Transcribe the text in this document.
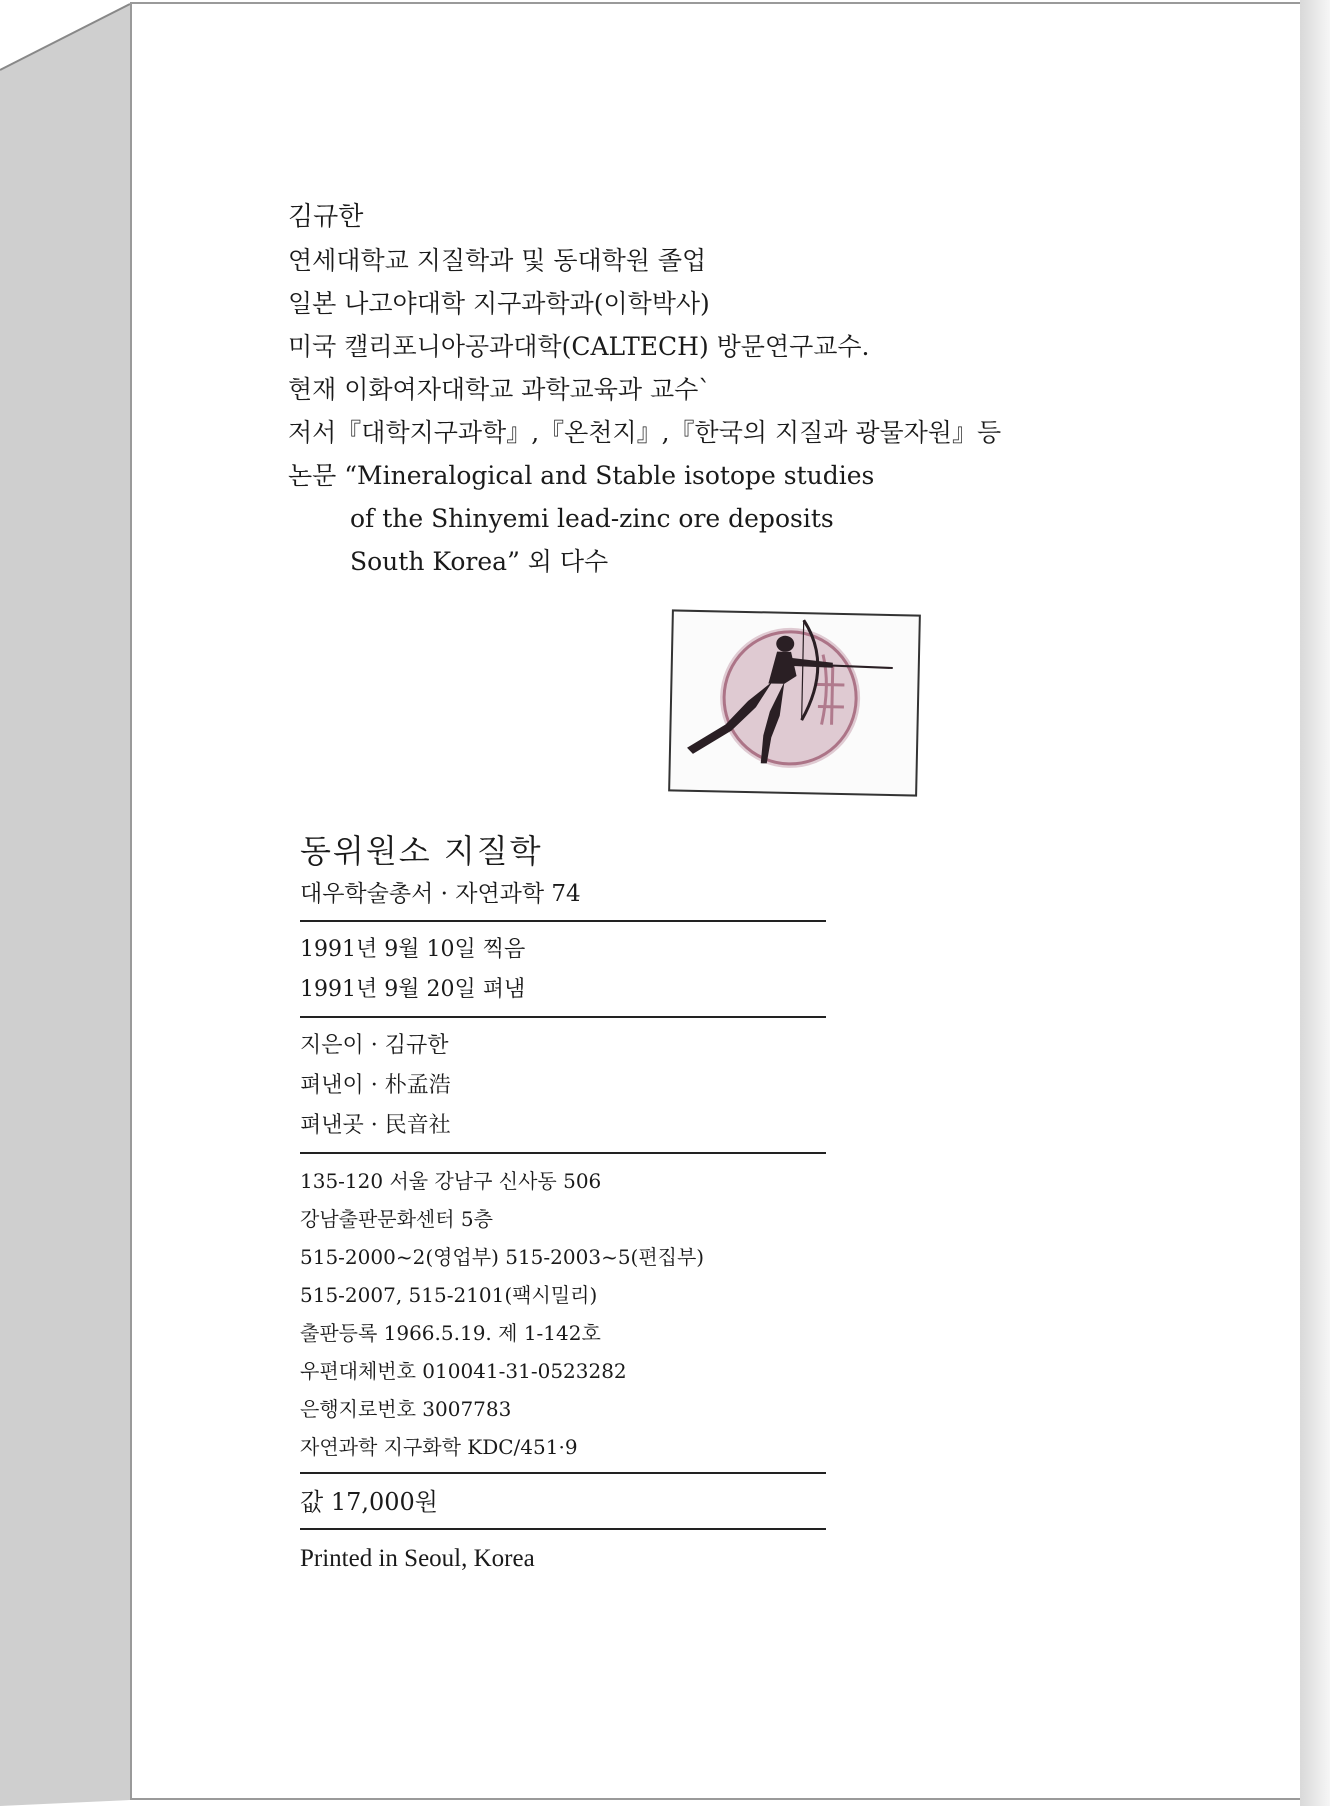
김규한
연세대학교 지질학과 및 동대학원 졸업
일본 나고야대학 지구과학과(이학박사)
미국 캘리포니아공과대학(CALTECH) 방문연구교수.
현재 이화여자대학교 과학교육과 교수`
저서『대학지구과학』,『온천지』,『한국의 지질과 광물자원』등
논문 “Mineralogical and Stable isotope studies
of the Shinyemi lead-zinc ore deposits
South Korea” 외 다수
동위원소 지질학
대우학술총서 · 자연과학 74
1991년 9월 10일 찍음
1991년 9월 20일 펴냄
지은이 · 김규한
펴낸이 · 朴孟浩
펴낸곳 · 民音社
135-120 서울 강남구 신사동 506
강남출판문화센터 5층
515-2000~2(영업부) 515-2003~5(편집부)
515-2007, 515-2101(팩시밀리)
출판등록 1966.5.19. 제 1-142호
우편대체번호 010041-31-0523282
은행지로번호 3007783
자연과학 지구화학 KDC/451·9
값 17,000원
Printed in Seoul, Korea
